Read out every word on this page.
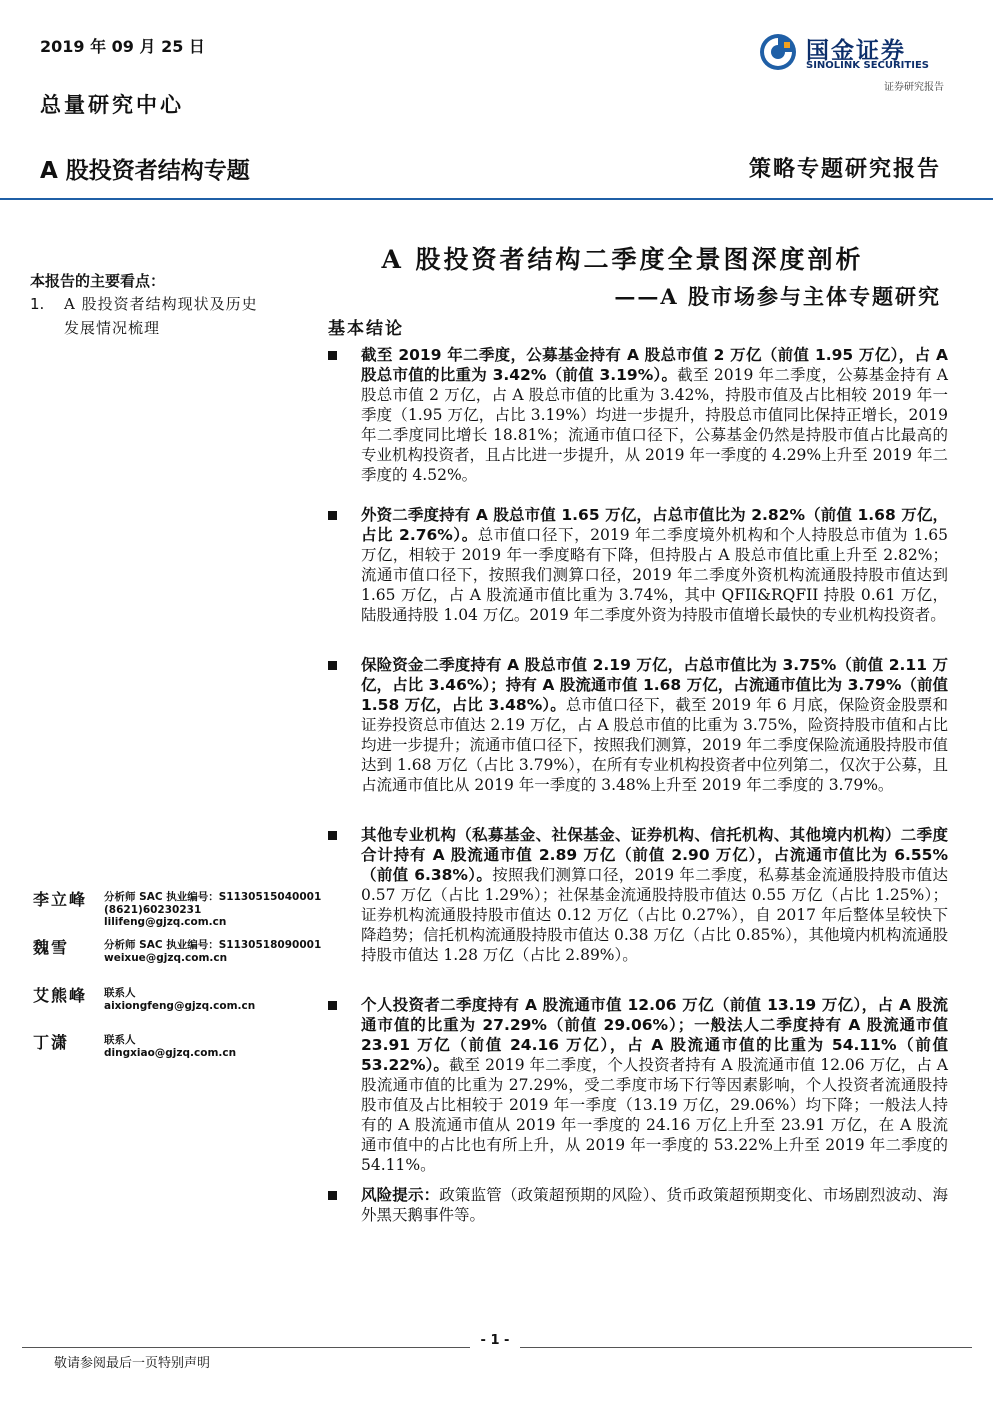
2019 年 09 月 25 日
总量研究中心
A 股投资者结构专题	策略专题研究报告
国金证券
SINOLINK SECURITIES
证券研究报告
A 股投资者结构二季度全景图深度剖析
——A 股市场参与主体专题研究
基本结论
本报告的主要看点：
1.	A 股投资者结构现状及历史发展情况梳理
截至 2019 年二季度，公募基金持有 A 股总市值 2 万亿（前值 1.95 万亿），占 A 股总市值的比重为 3.42%（前值 3.19%）。截至 2019 年二季度，公募基金持有 A 股总市值 2 万亿，占 A 股总市值的比重为 3.42%，持股市值及占比相较 2019 年一季度（1.95 万亿，占比 3.19%）均进一步提升，持股总市值同比保持正增长，2019 年二季度同比增长 18.81%；流通市值口径下，公募基金仍然是持股市值占比最高的专业机构投资者，且占比进一步提升，从 2019 年一季度的 4.29%上升至 2019 年二季度的 4.52%。
外资二季度持有 A 股总市值 1.65 万亿，占总市值比为 2.82%（前值 1.68 万亿，占比 2.76%）。总市值口径下，2019 年二季度境外机构和个人持股总市值为 1.65 万亿，相较于 2019 年一季度略有下降，但持股占 A 股总市值比重上升至 2.82%；流通市值口径下，按照我们测算口径，2019 年二季度外资机构流通股持股市值达到 1.65 万亿，占 A 股流通市值比重为 3.74%，其中 QFII&RQFII 持股 0.61 万亿，陆股通持股 1.04 万亿。2019 年二季度外资为持股市值增长最快的专业机构投资者。
保险资金二季度持有 A 股总市值 2.19 万亿，占总市值比为 3.75%（前值 2.11 万亿，占比 3.46%）；持有 A 股流通市值 1.68 万亿，占流通市值比为 3.79%（前值 1.58 万亿，占比 3.48%）。总市值口径下，截至 2019 年 6 月底，保险资金股票和证券投资总市值达 2.19 万亿，占 A 股总市值的比重为 3.75%，险资持股市值和占比均进一步提升；流通市值口径下，按照我们测算，2019 年二季度保险流通股持股市值达到 1.68 万亿（占比 3.79%），在所有专业机构投资者中位列第二，仅次于公募，且占流通市值比从 2019 年一季度的 3.48%上升至 2019 年二季度的 3.79%。
其他专业机构（私募基金、社保基金、证券机构、信托机构、其他境内机构）二季度合计持有 A 股流通市值 2.89 万亿（前值 2.90 万亿），占流通市值比为 6.55%（前值 6.38%）。按照我们测算口径，2019 年二季度，私募基金流通股持股市值达 0.57 万亿（占比 1.29%）；社保基金流通股持股市值达 0.55 万亿（占比 1.25%）；证券机构流通股持股市值达 0.12 万亿（占比 0.27%），自 2017 年后整体呈较快下降趋势；信托机构流通股持股市值达 0.38 万亿（占比 0.85%），其他境内机构流通股持股市值达 1.28 万亿（占比 2.89%）。
个人投资者二季度持有 A 股流通市值 12.06 万亿（前值 13.19 万亿），占 A 股流通市值的比重为 27.29%（前值 29.06%）；一般法人二季度持有 A 股流通市值 23.91 万亿（前值 24.16 万亿），占 A 股流通市值的比重为 54.11%（前值 53.22%）。截至 2019 年二季度，个人投资者持有 A 股流通市值 12.06 万亿，占 A 股流通市值的比重为 27.29%，受二季度市场下行等因素影响，个人投资者流通股持股市值及占比相较于 2019 年一季度（13.19 万亿，29.06%）均下降；一般法人持有的 A 股流通市值从 2019 年一季度的 24.16 万亿上升至 23.91 万亿，在 A 股流通市值中的占比也有所上升，从 2019 年一季度的 53.22%上升至 2019 年二季度的 54.11%。
风险提示：政策监管（政策超预期的风险）、货币政策超预期变化、市场剧烈波动、海外黑天鹅事件等。
李立峰 分析师 SAC 执业编号：S1130515040001
(8621)60230231
lilifeng@gjzq.com.cn
魏雪	分析师 SAC 执业编号：S1130518090001
weixue@gjzq.com.cn
艾熊峰 联系人
aixiongfeng@gjzq.com.cn
丁潇	联系人
dingxiao@gjzq.com.cn
- 1 -
敬请参阅最后一页特别声明
